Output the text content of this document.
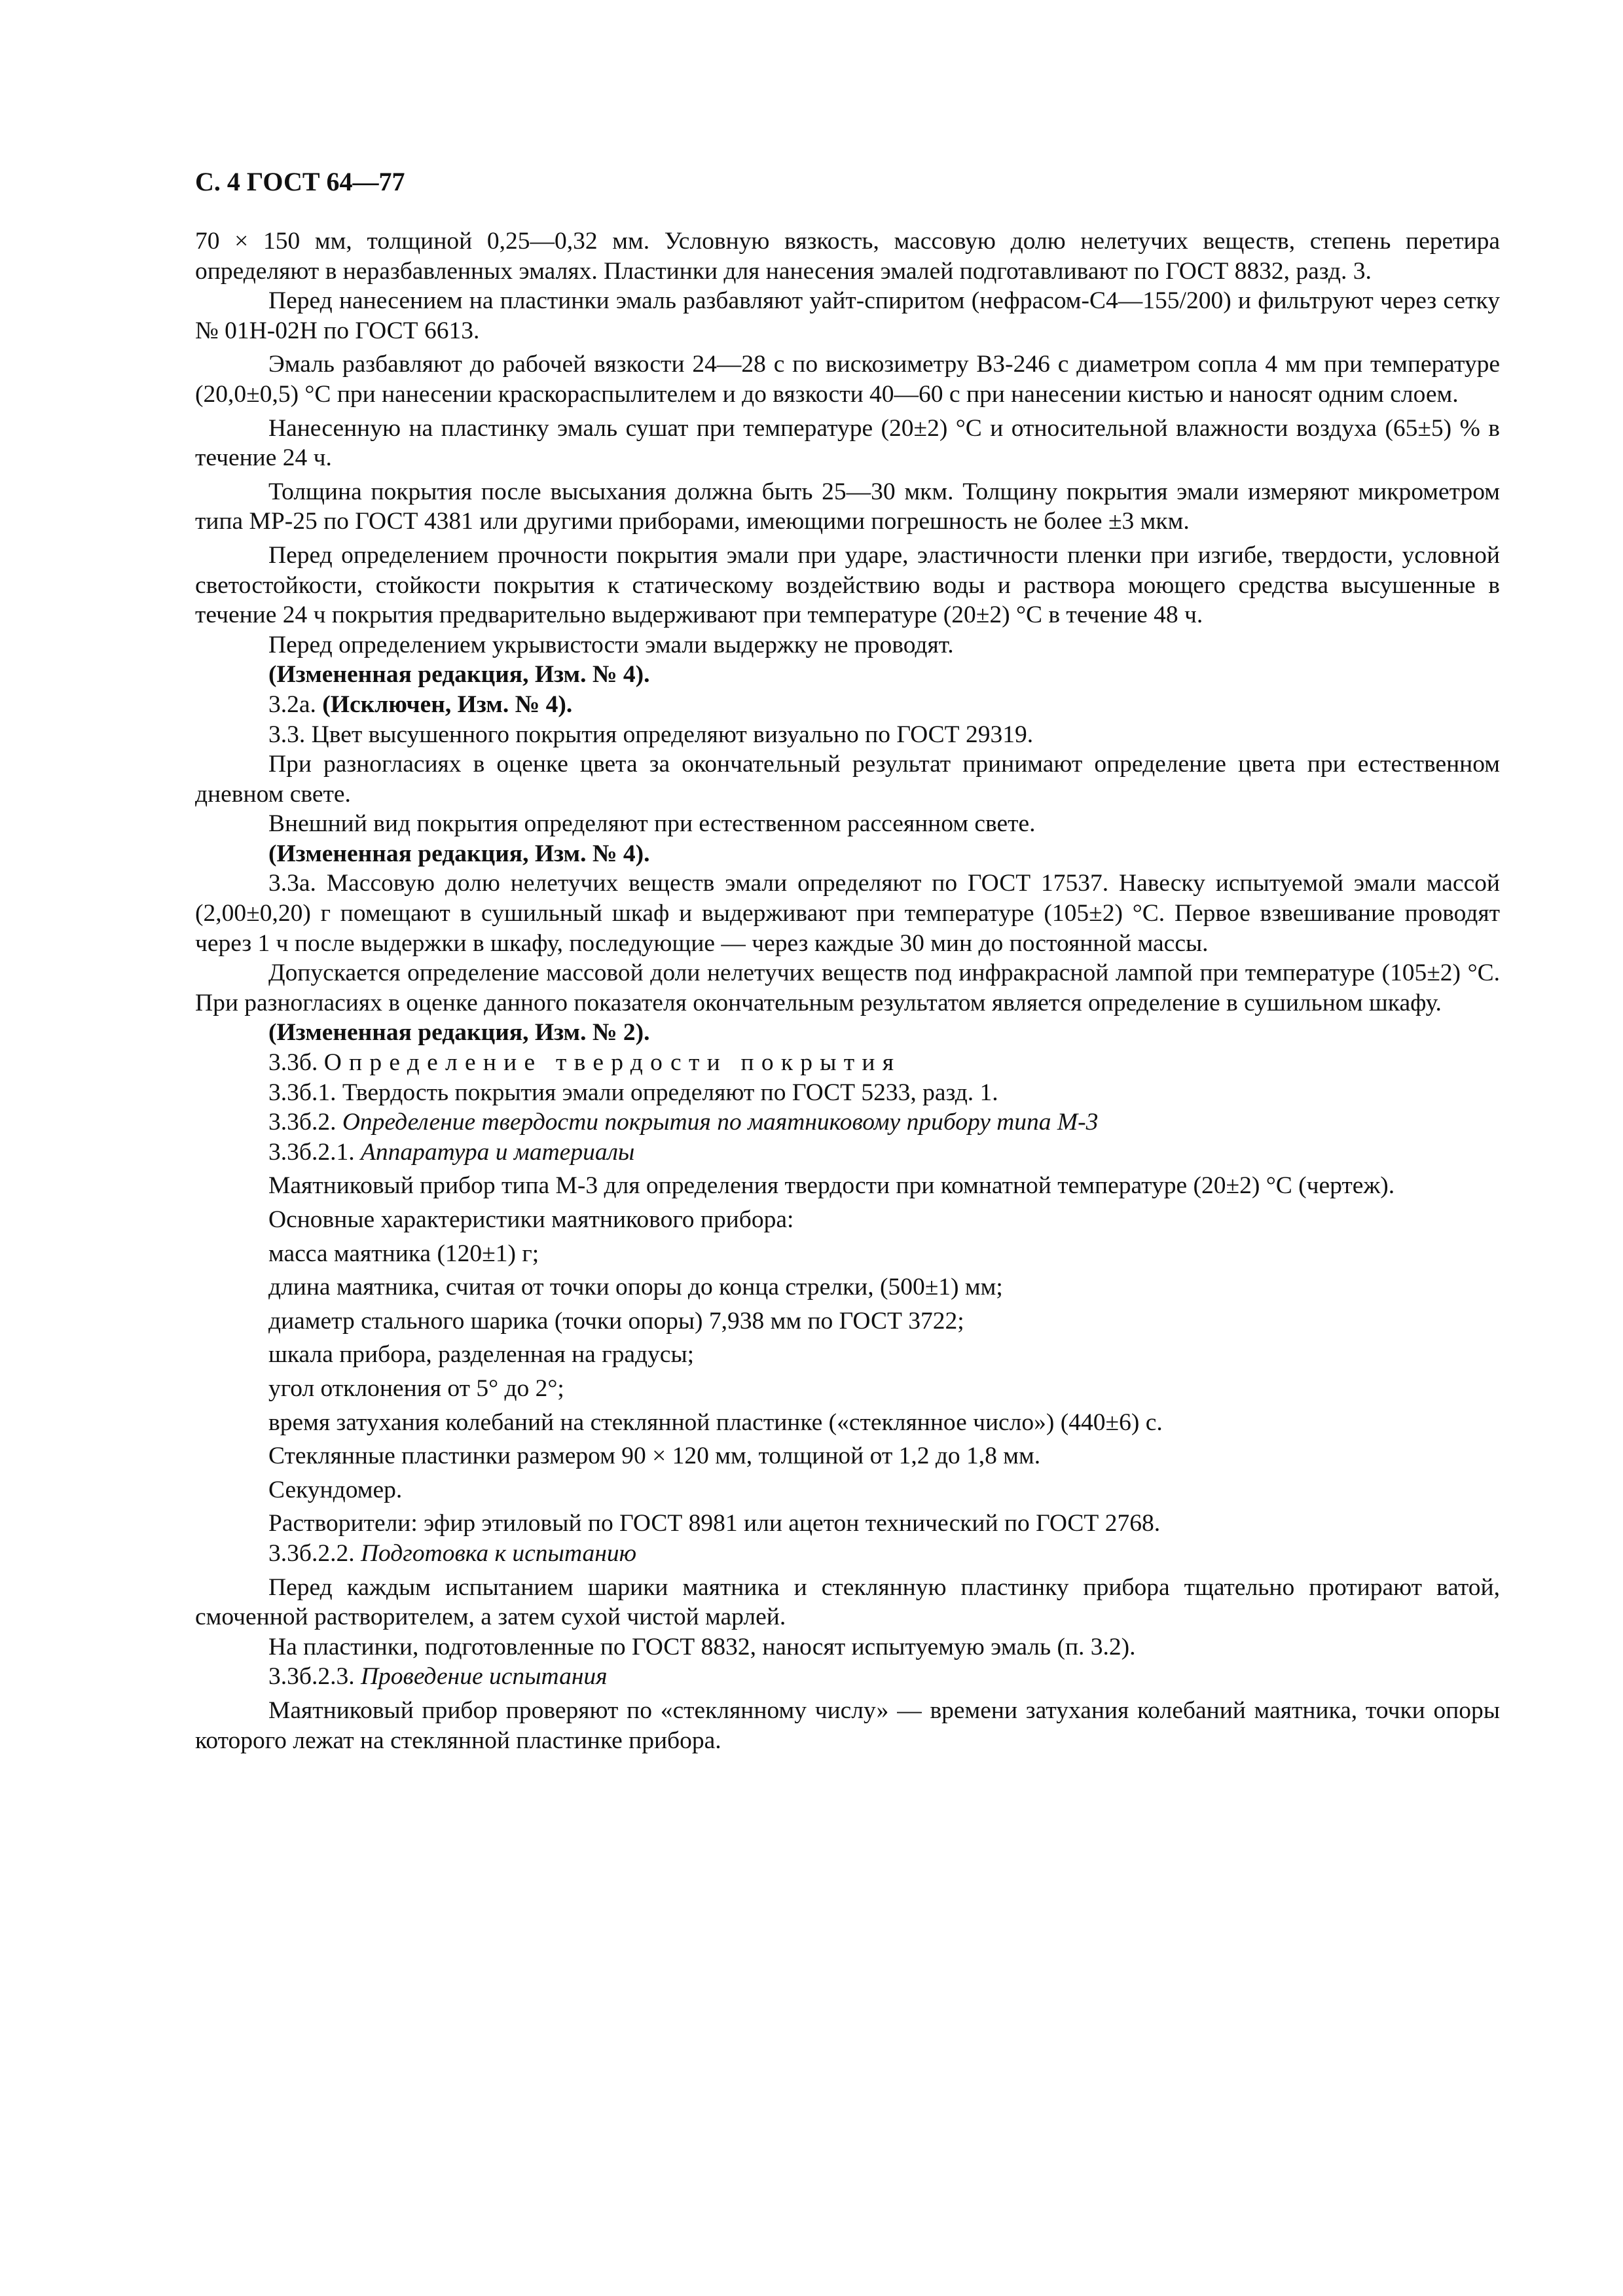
С. 4 ГОСТ 64—77

70 × 150 мм, толщиной 0,25—0,32 мм. Условную вязкость, массовую долю нелетучих веществ, степень перетира определяют в неразбавленных эмалях. Пластинки для нанесения эмалей подготавливают по ГОСТ 8832, разд. 3.

Перед нанесением на пластинки эмаль разбавляют уайт-спиритом (нефрасом-С4—155/200) и фильтруют через сетку № 01Н-02Н по ГОСТ 6613.

Эмаль разбавляют до рабочей вязкости 24—28 с по вискозиметру ВЗ-246 с диаметром сопла 4 мм при температуре (20,0±0,5) °С при нанесении краскораспылителем и до вязкости 40—60 с при нанесении кистью и наносят одним слоем.

Нанесенную на пластинку эмаль сушат при температуре (20±2) °С и относительной влажности воздуха (65±5) % в течение 24 ч.

Толщина покрытия после высыхания должна быть 25—30 мкм. Толщину покрытия эмали измеряют микрометром типа МР-25 по ГОСТ 4381 или другими приборами, имеющими погрешность не более ±3 мкм.

Перед определением прочности покрытия эмали при ударе, эластичности пленки при изгибе, твердости, условной светостойкости, стойкости покрытия к статическому воздействию воды и раствора моющего средства высушенные в течение 24 ч покрытия предварительно выдерживают при температуре (20±2) °С в течение 48 ч.

Перед определением укрывистости эмали выдержку не проводят.

(Измененная редакция, Изм. № 4).

3.2а. (Исключен, Изм. № 4).

3.3. Цвет высушенного покрытия определяют визуально по ГОСТ 29319.

При разногласиях в оценке цвета за окончательный результат принимают определение цвета при естественном дневном свете.

Внешний вид покрытия определяют при естественном рассеянном свете.

(Измененная редакция, Изм. № 4).

3.3а. Массовую долю нелетучих веществ эмали определяют по ГОСТ 17537. Навеску испытуемой эмали массой (2,00±0,20) г помещают в сушильный шкаф и выдерживают при температуре (105±2) °С. Первое взвешивание проводят через 1 ч после выдержки в шкафу, последующие — через каждые 30 мин до постоянной массы.

Допускается определение массовой доли нелетучих веществ под инфракрасной лампой при температуре (105±2) °С. При разногласиях в оценке данного показателя окончательным результатом является определение в сушильном шкафу.

(Измененная редакция, Изм. № 2).

3.3б. Определение твердости покрытия

3.3б.1. Твердость покрытия эмали определяют по ГОСТ 5233, разд. 1.

3.3б.2. Определение твердости покрытия по маятниковому прибору типа М-3

3.3б.2.1. Аппаратура и материалы

Маятниковый прибор типа М-3 для определения твердости при комнатной температуре (20±2) °С (чертеж).

Основные характеристики маятникового прибора:

масса маятника (120±1) г;

длина маятника, считая от точки опоры до конца стрелки, (500±1) мм;

диаметр стального шарика (точки опоры) 7,938 мм по ГОСТ 3722;

шкала прибора, разделенная на градусы;

угол отклонения от 5° до 2°;

время затухания колебаний на стеклянной пластинке («стеклянное число») (440±6) с.

Стеклянные пластинки размером 90 × 120 мм, толщиной от 1,2 до 1,8 мм.

Секундомер.

Растворители: эфир этиловый по ГОСТ 8981 или ацетон технический по ГОСТ 2768.

3.3б.2.2. Подготовка к испытанию

Перед каждым испытанием шарики маятника и стеклянную пластинку прибора тщательно протирают ватой, смоченной растворителем, а затем сухой чистой марлей.

На пластинки, подготовленные по ГОСТ 8832, наносят испытуемую эмаль (п. 3.2).

3.3б.2.3. Проведение испытания

Маятниковый прибор проверяют по «стеклянному числу» — времени затухания колебаний маятника, точки опоры которого лежат на стеклянной пластинке прибора.
